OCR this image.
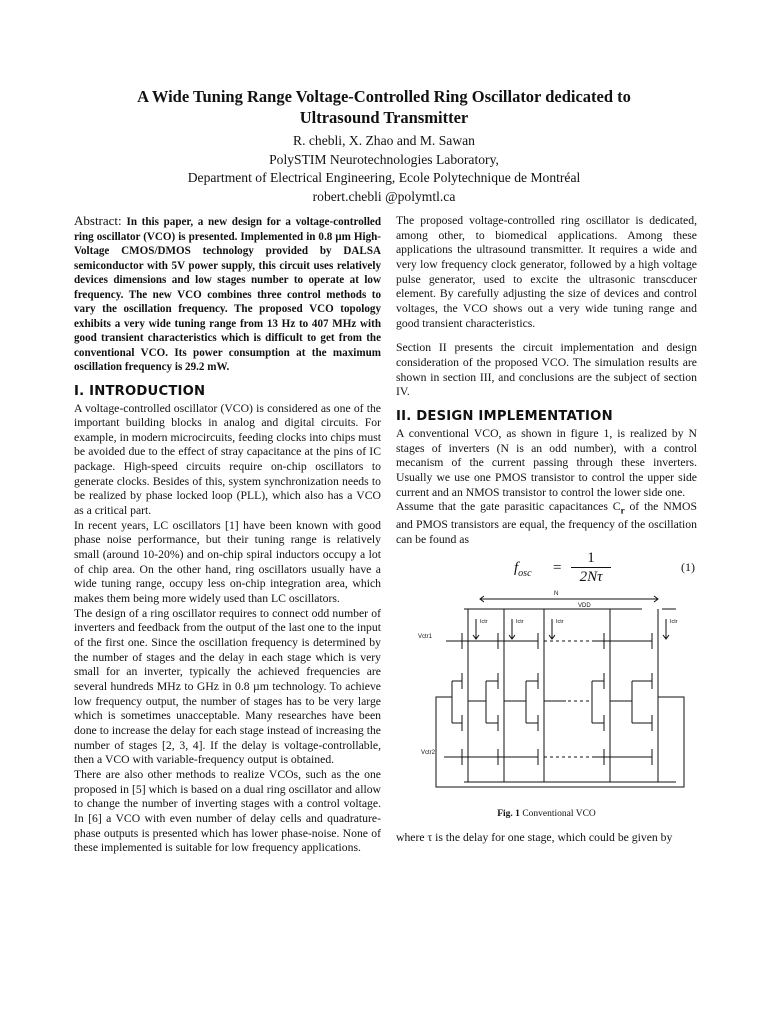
A Wide Tuning Range Voltage-Controlled Ring Oscillator dedicated to
Ultrasound Transmitter
R. chebli, X. Zhao and M. Sawan
PolySTIM Neurotechnologies Laboratory,
Department of Electrical Engineering, Ecole Polytechnique de Montréal
robert.chebli @polymtl.ca

Abstract: In this paper, a new design for a voltage-controlled ring oscillator (VCO) is presented. Implemented in 0.8 µm High-Voltage CMOS/DMOS technology provided by DALSA semiconductor with 5V power supply, this circuit uses relatively devices dimensions and low stages number to operate at low frequency. The new VCO combines three control methods to vary the oscillation frequency. The proposed VCO topology exhibits a very wide tuning range from 13 Hz to 407 MHz with good transient characteristics which is difficult to get from the conventional VCO. Its power consumption at the maximum oscillation frequency is 29.2 mW.

I. INTRODUCTION

A voltage-controlled oscillator (VCO) is considered as one of the important building blocks in analog and digital circuits. For example, in modern microcircuits, feeding clocks into chips must be avoided due to the effect of stray capacitance at the pins of IC package. High-speed circuits require on-chip oscillators to generate clocks. Besides of this, system synchronization needs to be realized by phase locked loop (PLL), which also has a VCO as a critical part.

In recent years, LC oscillators [1] have been known with good phase noise performance, but their tuning range is relatively small (around 10-20%) and on-chip spiral inductors occupy a lot of chip area. On the other hand, ring oscillators usually have a wide tuning range, occupy less on-chip integration area, which makes them being more widely used than LC oscillators.

The design of a ring oscillator requires to connect odd number of inverters and feedback from the output of the last one to the input of the first one. Since the oscillation frequency is determined by the number of stages and the delay in each stage which is very small for an inverter, typically the achieved frequencies are several hundreds MHz to GHz in 0.8 µm technology. To achieve low frequency output, the number of stages has to be very large which is sometimes unacceptable. Many researches have been done to increase the delay for each stage instead of increasing the number of stages [2, 3, 4]. If the delay is voltage-controllable, then a VCO with variable-frequency output is obtained.

There are also other methods to realize VCOs, such as the one proposed in [5] which is based on a dual ring oscillator and allow to change the number of inverting stages with a control voltage. In [6] a VCO with even number of delay cells and quadrature-phase outputs is presented which has lower phase-noise. None of these implemented is suitable for low frequency applications.

The proposed voltage-controlled ring oscillator is dedicated, among other, to biomedical applications. Among these applications the ultrasound transmitter. It requires a wide and very low frequency clock generator, followed by a high voltage pulse generator, used to excite the ultrasonic transcducer element. By carefully adjusting the size of devices and control voltages, the VCO shows out a very wide tuning range and good transient characteristics.

Section II presents the circuit implementation and design consideration of the proposed VCO. The simulation results are shown in section III, and conclusions are the subject of section IV.

II. DESIGN IMPLEMENTATION

A conventional VCO, as shown in figure 1, is realized by N stages of inverters (N is an odd number), with a control mecanism of the current passing through these inverters. Usually we use one PMOS transistor to control the upper side current and an NMOS transistor to control the lower side one.

Assume that the gate parasitic capacitances $C_r$ of the NMOS and PMOS transistors are equal, the frequency of the oscillation can be found as

$f_{osc}$ =
1
2Nτ
(1)
N
VDD
Vctr1
Vctr2
Ictr	Ictr	Ictr	Ictr
Fig. 1 Conventional VCO

where τ is the delay for one stage, which could be given by
